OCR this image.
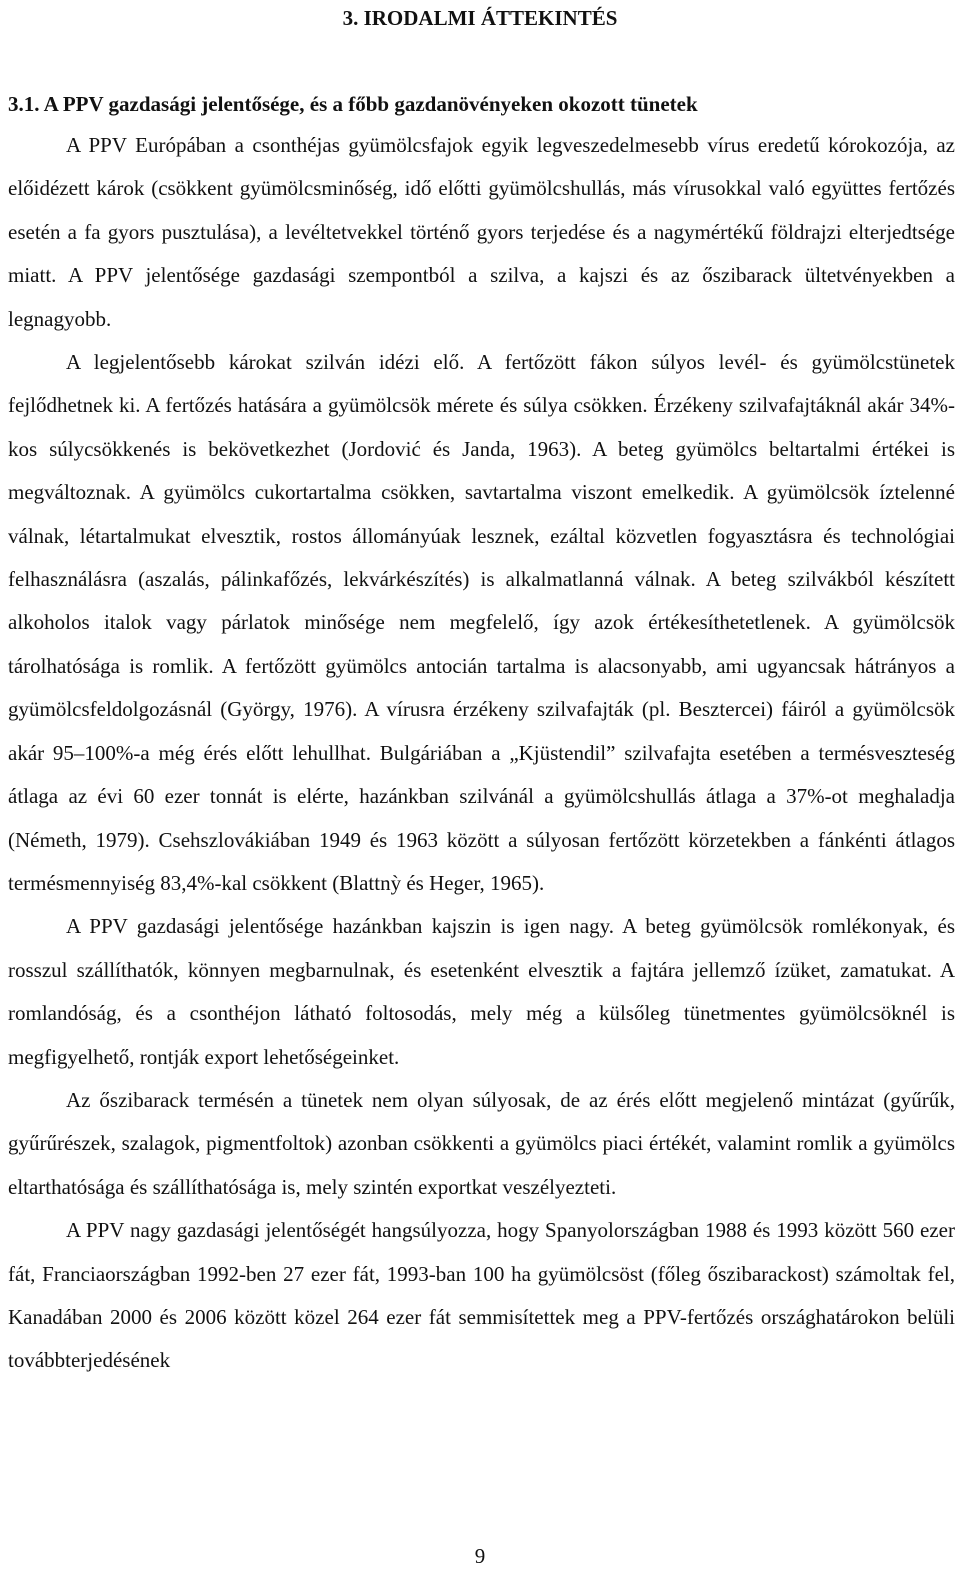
3. IRODALMI ÁTTEKINTÉS
3.1. A PPV gazdasági jelentősége, és a főbb gazdanövényeken okozott tünetek

A PPV Európában a csonthéjas gyümölcsfajok egyik legveszedelmesebb vírus eredetű kórokozója, az előidézett károk (csökkent gyümölcsminőség, idő előtti gyümölcshullás, más vírusokkal való együttes fertőzés esetén a fa gyors pusztulása), a levéltetvekkel történő gyors terjedése és a nagymértékű földrajzi elterjedtsége miatt. A PPV jelentősége gazdasági szempontból a szilva, a kajszi és az őszibarack ültetvényekben a legnagyobb.

A legjelentősebb károkat szilván idézi elő. A fertőzött fákon súlyos levél- és gyümölcstünetek fejlődhetnek ki. A fertőzés hatására a gyümölcsök mérete és súlya csökken. Érzékeny szilvafajtáknál akár 34%-kos súlycsökkenés is bekövetkezhet (Jordović és Janda, 1963). A beteg gyümölcs beltartalmi értékei is megváltoznak. A gyümölcs cukortartalma csökken, savtartalma viszont emelkedik. A gyümölcsök íztelenné válnak, létartalmukat elvesztik, rostos állományúak lesznek, ezáltal közvetlen fogyasztásra és technológiai felhasználásra (aszalás, pálinkafőzés, lekvárkészítés) is alkalmatlanná válnak. A beteg szilvákból készített alkoholos italok vagy párlatok minősége nem megfelelő, így azok értékesíthetetlenek. A gyümölcsök tárolhatósága is romlik. A fertőzött gyümölcs antocián tartalma is alacsonyabb, ami ugyancsak hátrányos a gyümölcsfeldolgozásnál (György, 1976). A vírusra érzékeny szilvafajták (pl. Besztercei) fáiról a gyümölcsök akár 95–100%-a még érés előtt lehullhat. Bulgáriában a „Kjüstendil” szilvafajta esetében a termésveszteség átlaga az évi 60 ezer tonnát is elérte, hazánkban szilvánál a gyümölcshullás átlaga a 37%-ot meghaladja (Németh, 1979). Csehszlovákiában 1949 és 1963 között a súlyosan fertőzött körzetekben a fánkénti átlagos termésmennyiség 83,4%-kal csökkent (Blattnỳ és Heger, 1965).

A PPV gazdasági jelentősége hazánkban kajszin is igen nagy. A beteg gyümölcsök romlékonyak, és rosszul szállíthatók, könnyen megbarnulnak, és esetenként elvesztik a fajtára jellemző ízüket, zamatukat. A romlandóság, és a csonthéjon látható foltosodás, mely még a külsőleg tünetmentes gyümölcsöknél is megfigyelhető, rontják export lehetőségeinket.

Az őszibarack termésén a tünetek nem olyan súlyosak, de az érés előtt megjelenő mintázat (gyűrűk, gyűrűrészek, szalagok, pigmentfoltok) azonban csökkenti a gyümölcs piaci értékét, valamint romlik a gyümölcs eltarthatósága és szállíthatósága is, mely szintén exportkat veszélyezteti.

A PPV nagy gazdasági jelentőségét hangsúlyozza, hogy Spanyolországban 1988 és 1993 között 560 ezer fát, Franciaországban 1992-ben 27 ezer fát, 1993-ban 100 ha gyümölcsöst (főleg őszibarackost) számoltak fel, Kanadában 2000 és 2006 között közel 264 ezer fát semmisítettek meg a PPV-fertőzés országhatárokon belüli továbbterjedésének

9
